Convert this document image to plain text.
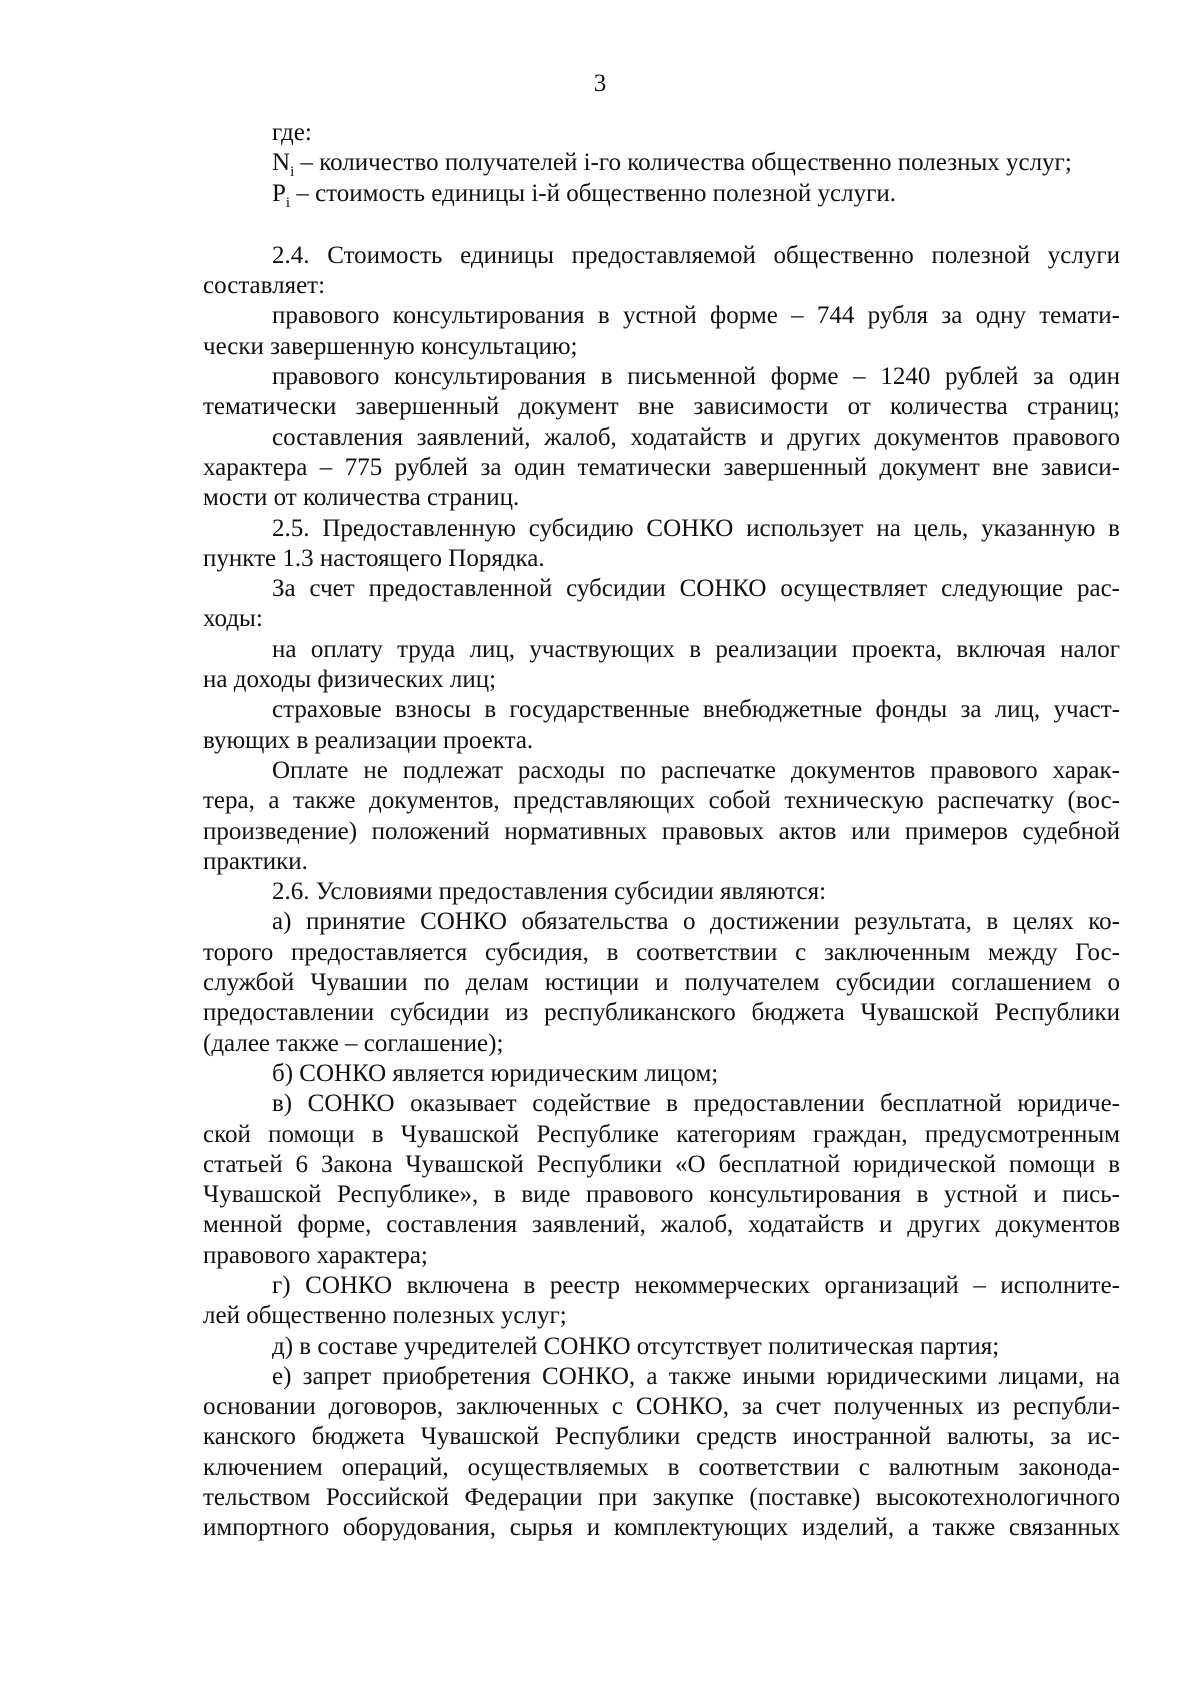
3
где:
$N_i$ – количество получателей i-го количества общественно полезных услуг;
$P_i$ – стоимость единицы i-й общественно полезной услуги.
2.4. Стоимость единицы предоставляемой общественно полезной услуги
составляет:
правового консультирования в устной форме – 744 рубля за одну темати-
чески завершенную консультацию;
правового консультирования в письменной форме – 1240 рублей за один
тематически завершенный документ вне зависимости от количества страниц;
составления заявлений, жалоб, ходатайств и других документов правового
характера – 775 рублей за один тематически завершенный документ вне зависи-
мости от количества страниц.
2.5. Предоставленную субсидию СОНКО использует на цель, указанную в
пункте 1.3 настоящего Порядка.
За счет предоставленной субсидии СОНКО осуществляет следующие рас-
ходы:
на оплату труда лиц, участвующих в реализации проекта, включая налог
на доходы физических лиц;
страховые взносы в государственные внебюджетные фонды за лиц, участ-
вующих в реализации проекта.
Оплате не подлежат расходы по распечатке документов правового харак-
тера, а также документов, представляющих собой техническую распечатку (вос-
произведение) положений нормативных правовых актов или примеров судебной
практики.
2.6. Условиями предоставления субсидии являются:
а) принятие СОНКО обязательства о достижении результата, в целях ко-
торого предоставляется субсидия, в соответствии с заключенным между Гос-
службой Чувашии по делам юстиции и получателем субсидии соглашением о
предоставлении субсидии из республиканского бюджета Чувашской Республики
(далее также – соглашение);
б) СОНКО является юридическим лицом;
в) СОНКО оказывает содействие в предоставлении бесплатной юридиче-
ской помощи в Чувашской Республике категориям граждан, предусмотренным
статьей 6 Закона Чувашской Республики «О бесплатной юридической помощи в
Чувашской Республике», в виде правового консультирования в устной и пись-
менной форме, составления заявлений, жалоб, ходатайств и других документов
правового характера;
г) СОНКО включена в реестр некоммерческих организаций – исполните-
лей общественно полезных услуг;
д) в составе учредителей СОНКО отсутствует политическая партия;
е) запрет приобретения СОНКО, а также иными юридическими лицами, на
основании договоров, заключенных с СОНКО, за счет полученных из республи-
канского бюджета Чувашской Республики средств иностранной валюты, за ис-
ключением операций, осуществляемых в соответствии с валютным законода-
тельством Российской Федерации при закупке (поставке) высокотехнологичного
импортного оборудования, сырья и комплектующих изделий, а также связанных
